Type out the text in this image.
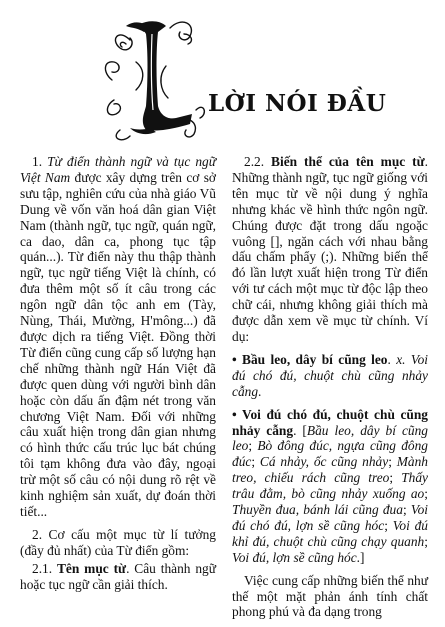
LỜI NÓI ĐẦU

1. Từ điển thành ngữ và tục ngữ Việt Nam được xây dựng trên cơ sở sưu tập, nghiên cứu của nhà giáo Vũ Dung về vốn văn hoá dân gian Việt Nam (thành ngữ, tục ngữ, quán ngữ, ca dao, dân ca, phong tục tập quán...). Từ điển này thu thập thành ngữ, tục ngữ tiếng Việt là chính, có đưa thêm một số ít câu trong các ngôn ngữ dân tộc anh em (Tày, Nùng, Thái, Mường, H'mông...) đã được dịch ra tiếng Việt. Đồng thời Từ điển cũng cung cấp số lượng hạn chế những thành ngữ Hán Việt đã được quen dùng với người bình dân hoặc còn dấu ấn đậm nét trong văn chương Việt Nam. Đối với những câu xuất hiện trong dân gian nhưng có hình thức cấu trúc lục bát chúng tôi tạm không đưa vào đây, ngoại trừ một số câu có nội dung rõ rệt về kinh nghiệm sản xuất, dự đoán thời tiết...

2. Cơ cấu một mục từ lí tưởng (đầy đủ nhất) của Từ điển gồm:

2.1. Tên mục từ. Câu thành ngữ hoặc tục ngữ cần giải thích.

2.2. Biến thể của tên mục từ. Những thành ngữ, tục ngữ giống với tên mục từ về nội dung ý nghĩa nhưng khác về hình thức ngôn ngữ. Chúng được đặt trong dấu ngoặc vuông [], ngăn cách với nhau bằng dấu chấm phẩy (;). Những biến thể đó lần lượt xuất hiện trong Từ điển với tư cách một mục từ độc lập theo chữ cái, nhưng không giải thích mà được dẫn xem về mục từ chính. Ví dụ:

• Bầu leo, dây bí cũng leo. x. Voi đú chó đú, chuột chù cũng nhảy cẫng.

• Voi đú chó đú, chuột chù cũng nhảy cẫng. [Bầu leo, dây bí cũng leo; Bò đông đúc, ngựa cũng đông đúc; Cá nhảy, ốc cũng nhảy; Mành treo, chiếu rách cũng treo; Thấy trâu đằm, bò cũng nhảy xuống ao; Thuyền đua, bánh lái cũng đua; Voi đú chó đú, lợn sề cũng hóc; Voi đú khỉ đú, chuột chù cũng chạy quanh; Voi đú, lợn sề cũng hóc.]

Việc cung cấp những biến thể như thế một mặt phản ánh tính chất phong phú và đa dạng trong
